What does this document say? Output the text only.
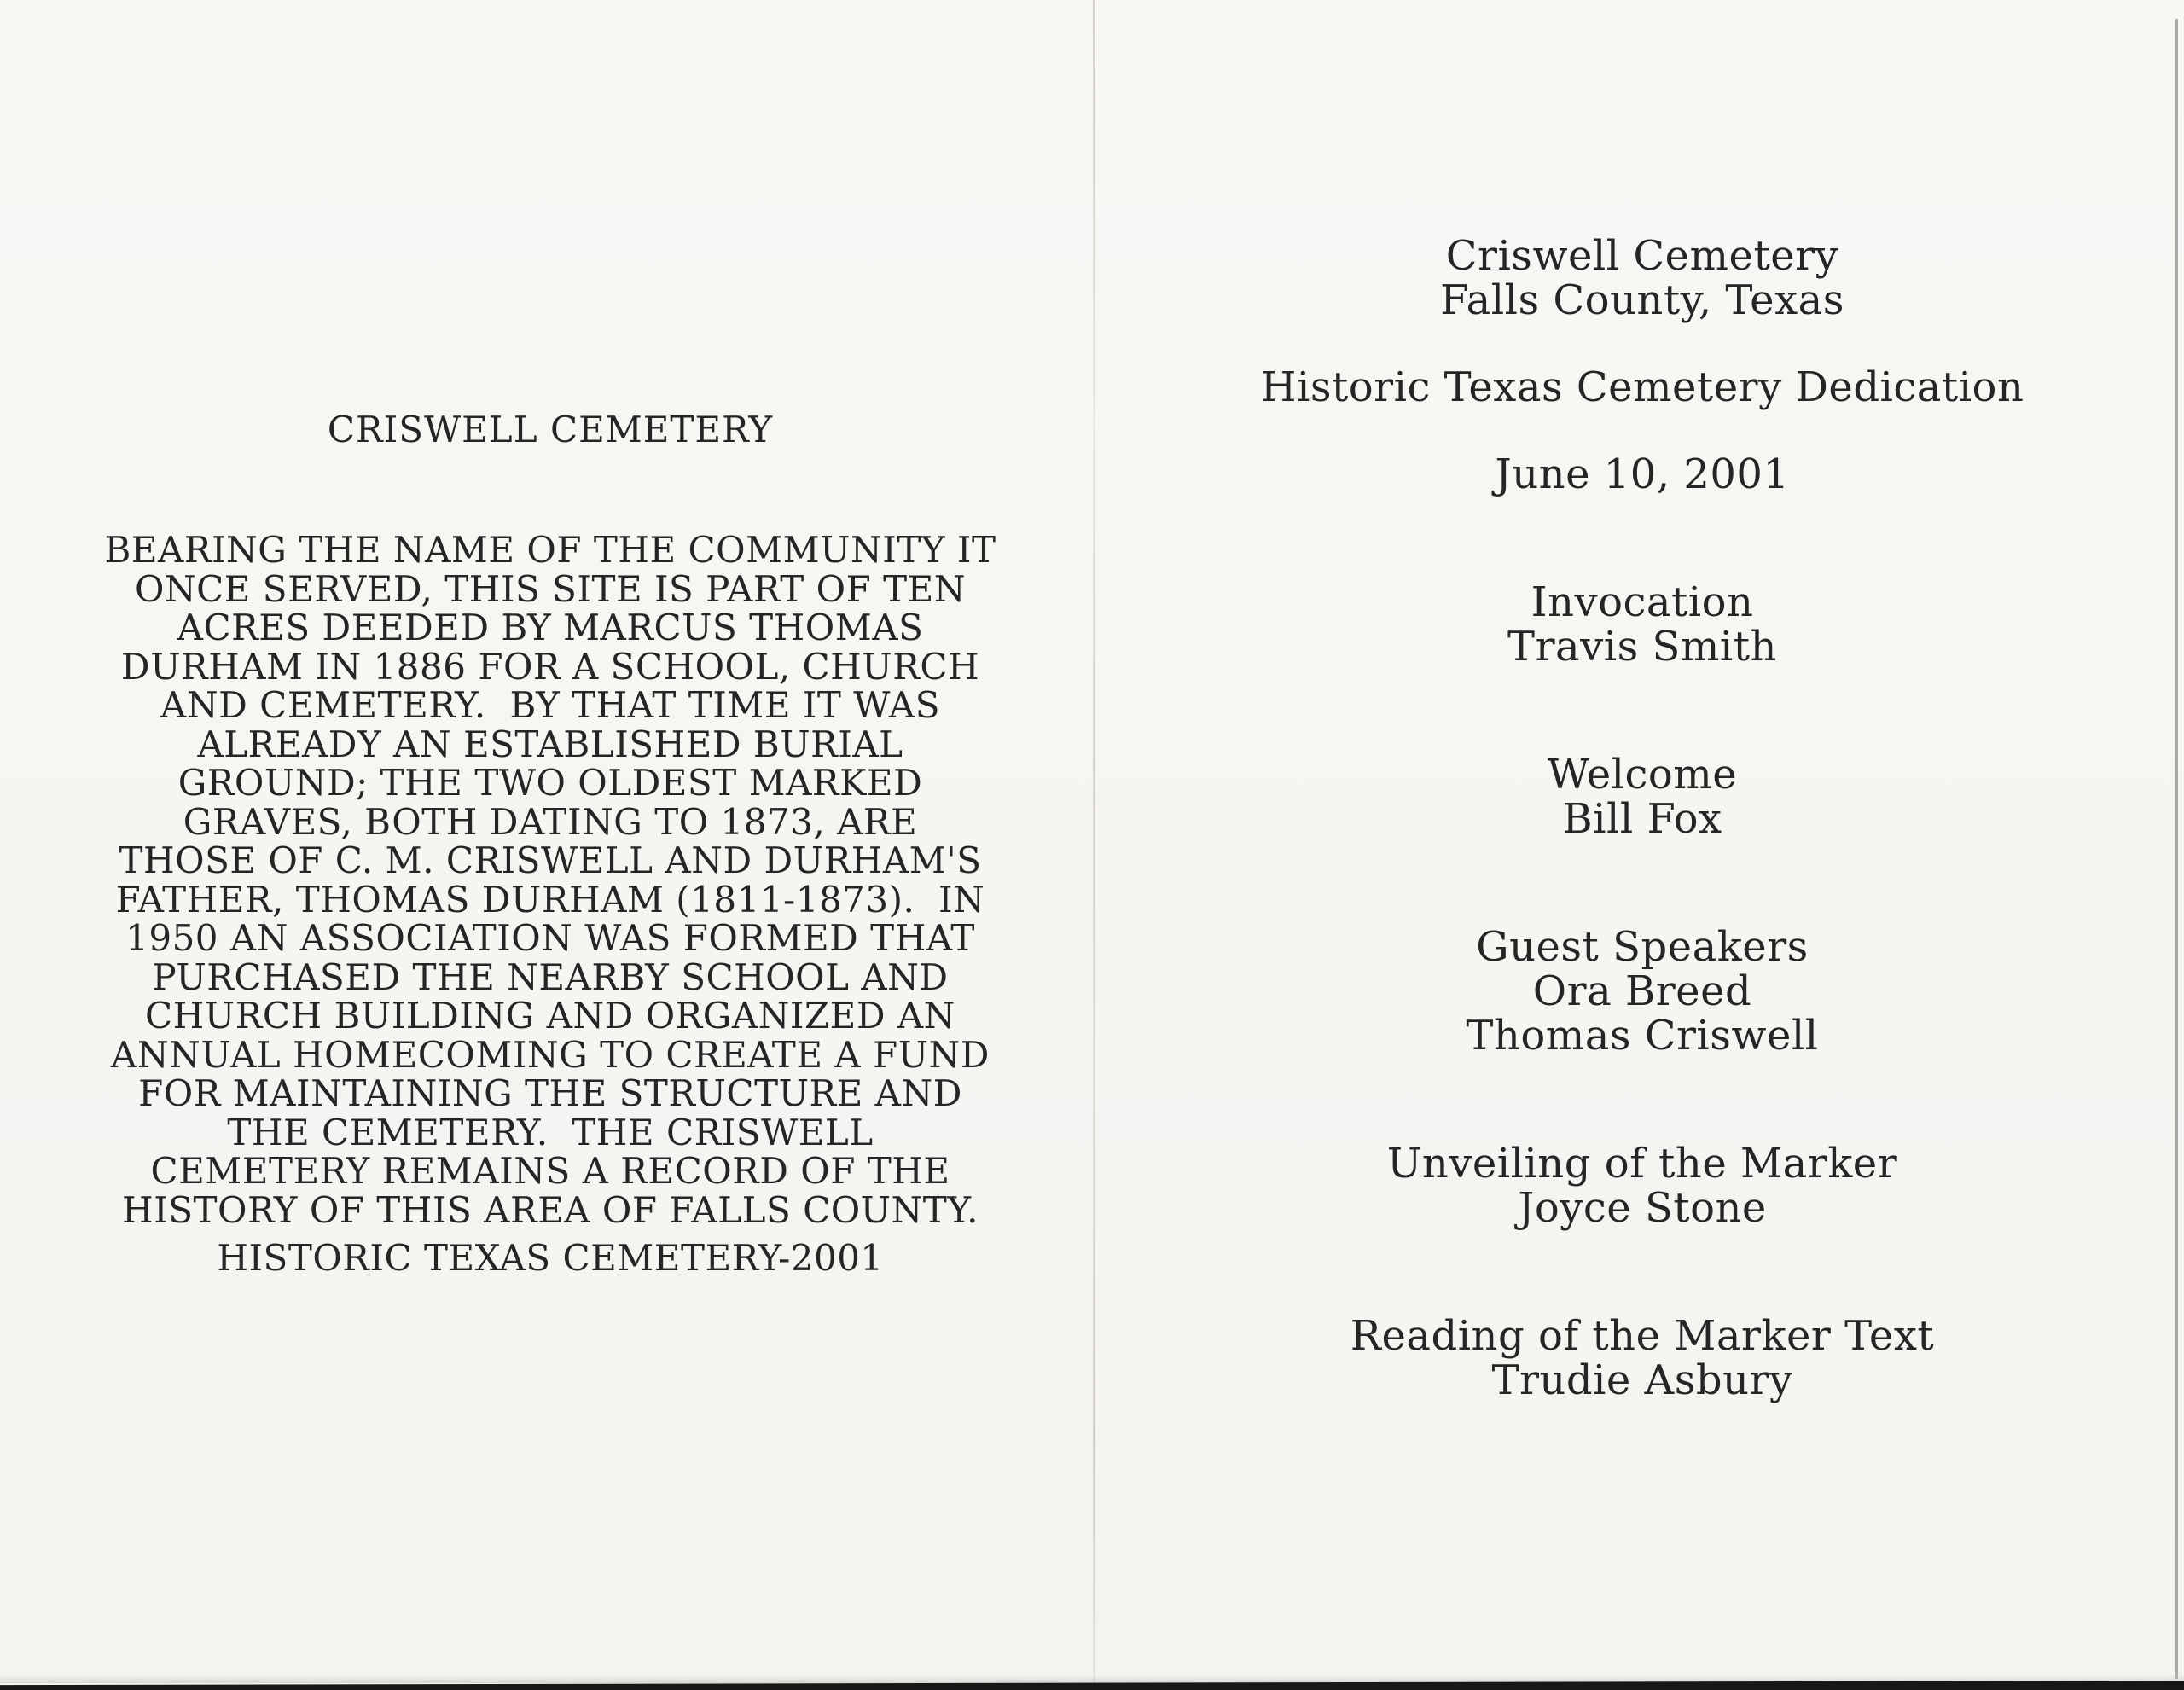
CRISWELL CEMETERY
BEARING THE NAME OF THE COMMUNITY IT
ONCE SERVED, THIS SITE IS PART OF TEN
ACRES DEEDED BY MARCUS THOMAS
DURHAM IN 1886 FOR A SCHOOL, CHURCH
AND CEMETERY.  BY THAT TIME IT WAS
ALREADY AN ESTABLISHED BURIAL
GROUND; THE TWO OLDEST MARKED
GRAVES, BOTH DATING TO 1873, ARE
THOSE OF C. M. CRISWELL AND DURHAM'S
FATHER, THOMAS DURHAM (1811-1873).  IN
1950 AN ASSOCIATION WAS FORMED THAT
PURCHASED THE NEARBY SCHOOL AND
CHURCH BUILDING AND ORGANIZED AN
ANNUAL HOMECOMING TO CREATE A FUND
FOR MAINTAINING THE STRUCTURE AND
THE CEMETERY.  THE CRISWELL
CEMETERY REMAINS A RECORD OF THE
HISTORY OF THIS AREA OF FALLS COUNTY.
HISTORIC TEXAS CEMETERY-2001
Criswell Cemetery
Falls County, Texas
Historic Texas Cemetery Dedication
June 10, 2001
Invocation
Travis Smith
Welcome
Bill Fox
Guest Speakers
Ora Breed
Thomas Criswell
Unveiling of the Marker
Joyce Stone
Reading of the Marker Text
Trudie Asbury
